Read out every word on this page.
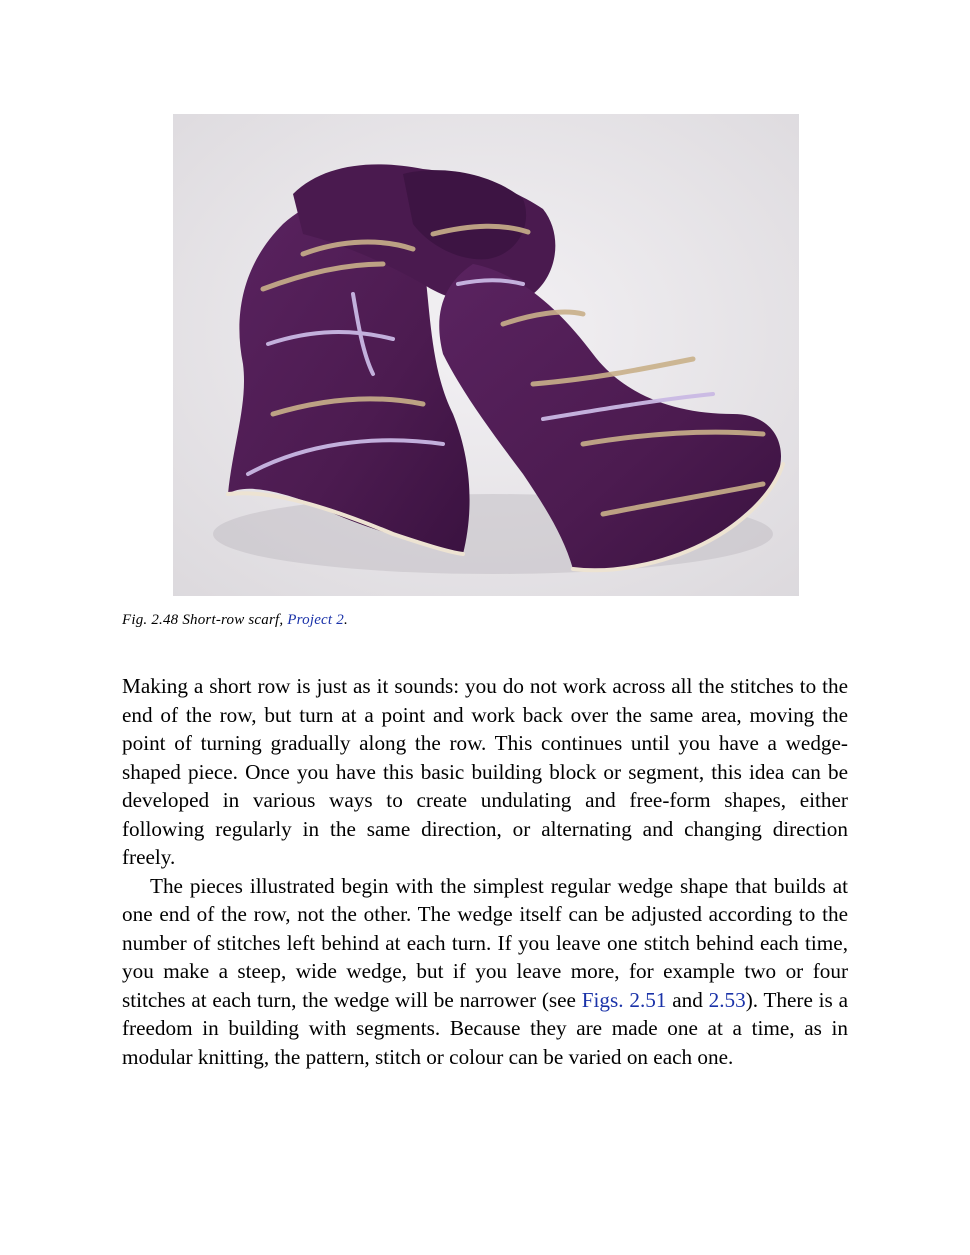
Fig. 2.48 Short-row scarf, Project 2.

Making a short row is just as it sounds: you do not work across all the stitches to the end of the row, but turn at a point and work back over the same area, moving the point of turning gradually along the row. This continues until you have a wedge-shaped piece. Once you have this basic building block or segment, this idea can be developed in various ways to create undulating and free-form shapes, either following regularly in the same direction, or alternating and changing direction freely.

The pieces illustrated begin with the simplest regular wedge shape that builds at one end of the row, not the other. The wedge itself can be adjusted according to the number of stitches left behind at each turn. If you leave one stitch behind each time, you make a steep, wide wedge, but if you leave more, for example two or four stitches at each turn, the wedge will be narrower (see Figs. 2.51 and 2.53). There is a freedom in building with segments. Because they are made one at a time, as in modular knitting, the pattern, stitch or colour can be varied on each one.
